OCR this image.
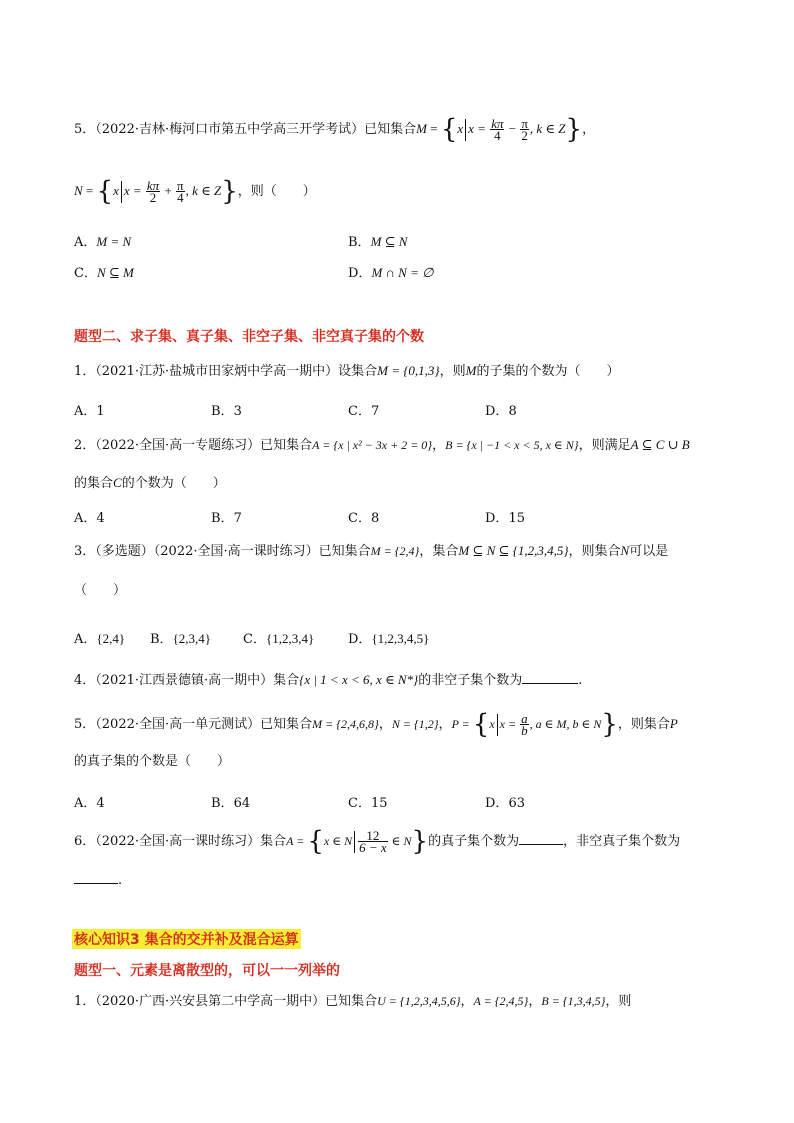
5．（2022·吉林·梅河口市第五中学高三开学考试）已知集合M = {x $x = \frac{k\pi}{4} - \frac{\pi}{2}$ , k ∈ Z}，
N = {x $x = \frac{k\pi}{2} + \frac{\pi}{4}$ , k ∈ Z}，则（　　）
A．M = N	B．M ⊆ N
C．N ⊆ M	D．M ∩ N = ∅
题型二、求子集、真子集、非空子集、非空真子集的个数
1．（2021·江苏·盐城市田家炳中学高一期中）设集合M = {0,1,3}，则M的子集的个数为（　　）
A．1	B．3	C．7	D．8
2．（2022·全国·高一专题练习）已知集合A = {x | x² − 3x + 2 = 0}，B = {x | −1 < x < 5, x ∈ N}，则满足A ⊆ C ∪ B
的集合C的个数为（　　）
A．4	B．7	C．8	D．15
3．（多选题）（2022·全国·高一课时练习）已知集合M = {2,4}，集合M ⊆ N ⊆ {1,2,3,4,5}，则集合N可以是
（　　）
A．{2,4} B．{2,3,4} C．{1,2,3,4}	D．{1,2,3,4,5}
4．（2021·江西景德镇·高一期中）集合{x | 1 < x < 6, x ∈ N*}的非空子集个数为	.
5．（2022·全国·高一单元测试）已知集合M = {2,4,6,8}，N = {1,2}，P = {x $x = \frac{a}{b}$ , a ∈ M, b ∈ N}，则集合P
的真子集的个数是（　　）
A．4	B．64	C．15	D．63
6．（2022·全国·高一课时练习）集合A = {x ∈ N $\frac{12}{6 - x}$ ∈ N}的真子集个数为	，非空真子集个数为
.
核心知识3 集合的交并补及混合运算
题型一、元素是离散型的，可以一一列举的
1．（2020·广西·兴安县第二中学高一期中）已知集合U = {1,2,3,4,5,6}，A = {2,4,5}，B = {1,3,4,5}，则
